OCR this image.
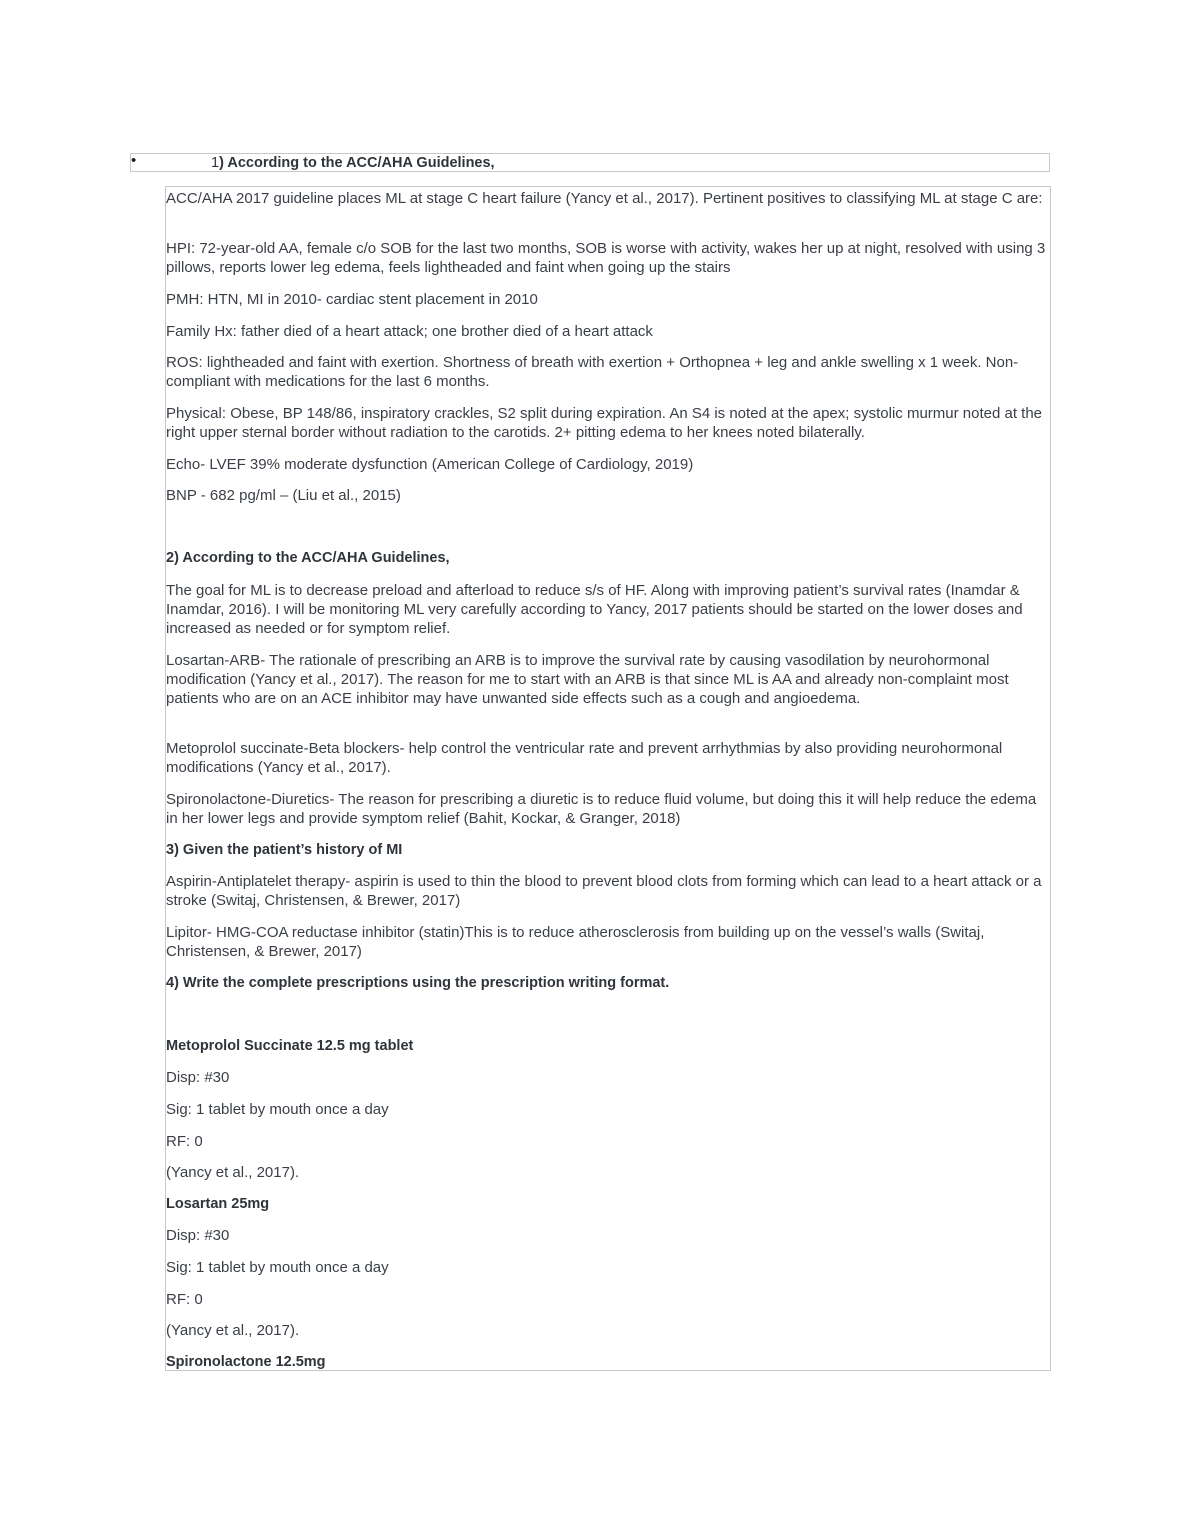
•	1) According to the ACC/AHA Guidelines,

ACC/AHA 2017 guideline places ML at stage C heart failure (Yancy et al., 2017). Pertinent positives to classifying ML at stage C are:

HPI: 72-year-old AA, female c/o SOB for the last two months, SOB is worse with activity, wakes her up at night, resolved with using 3 pillows, reports lower leg edema, feels lightheaded and faint when going up the stairs

PMH: HTN, MI in 2010- cardiac stent placement in 2010

Family Hx: father died of a heart attack; one brother died of a heart attack

ROS: lightheaded and faint with exertion. Shortness of breath with exertion + Orthopnea + leg and ankle swelling x 1 week. Non-compliant with medications for the last 6 months.

Physical: Obese, BP 148/86, inspiratory crackles, S2 split during expiration. An S4 is noted at the apex; systolic murmur noted at the right upper sternal border without radiation to the carotids. 2+ pitting edema to her knees noted bilaterally.

Echo- LVEF 39% moderate dysfunction (American College of Cardiology, 2019)

BNP - 682 pg/ml – (Liu et al., 2015)

2) According to the ACC/AHA Guidelines,

The goal for ML is to decrease preload and afterload to reduce s/s of HF. Along with improving patient’s survival rates (Inamdar & Inamdar, 2016). I will be monitoring ML very carefully according to Yancy, 2017 patients should be started on the lower doses and increased as needed or for symptom relief.

Losartan-ARB- The rationale of prescribing an ARB is to improve the survival rate by causing vasodilation by neurohormonal modification (Yancy et al., 2017). The reason for me to start with an ARB is that since ML is AA and already non-complaint most patients who are on an ACE inhibitor may have unwanted side effects such as a cough and angioedema.

Metoprolol succinate-Beta blockers- help control the ventricular rate and prevent arrhythmias by also providing neurohormonal modifications (Yancy et al., 2017).

Spironolactone-Diuretics- The reason for prescribing a diuretic is to reduce fluid volume, but doing this it will help reduce the edema in her lower legs and provide symptom relief (Bahit, Kockar, & Granger, 2018)

3) Given the patient’s history of MI

Aspirin-Antiplatelet therapy- aspirin is used to thin the blood to prevent blood clots from forming which can lead to a heart attack or a stroke (Switaj, Christensen, & Brewer, 2017)

Lipitor- HMG-COA reductase inhibitor (statin)This is to reduce atherosclerosis from building up on the vessel’s walls (Switaj, Christensen, & Brewer, 2017)

4) Write the complete prescriptions using the prescription writing format.

Metoprolol Succinate 12.5 mg tablet

Disp: #30

Sig: 1 tablet by mouth once a day

RF: 0

(Yancy et al., 2017).

Losartan 25mg

Disp: #30

Sig: 1 tablet by mouth once a day

RF: 0

(Yancy et al., 2017).

Spironolactone 12.5mg
